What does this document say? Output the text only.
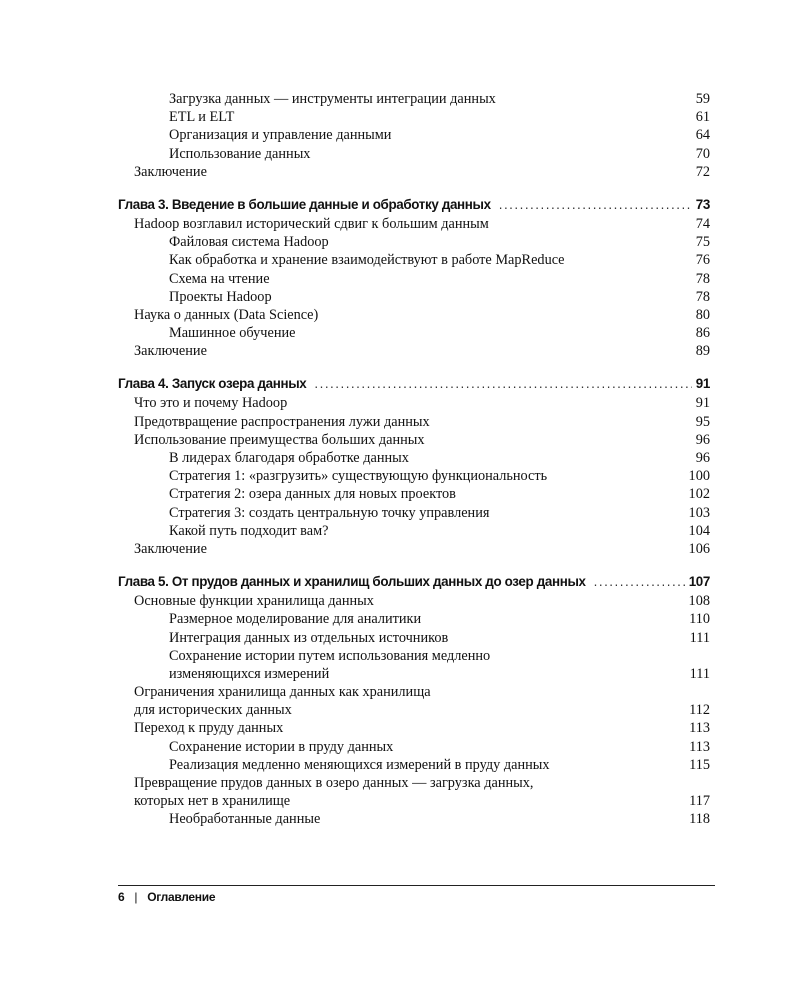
Загрузка данных — инструменты интеграции данных	59
ETL и ELT	61
Организация и управление данными	64
Использование данных	70
Заключение	72
Глава 3. Введение в большие данные и обработку данных .....	73
Hadoop возглавил исторический сдвиг к большим данным	74
Файловая система Hadoop	75
Как обработка и хранение взаимодействуют в работе MapReduce	76
Схема на чтение	78
Проекты Hadoop	78
Наука о данных (Data Science)	80
Машинное обучение	86
Заключение	89
Глава 4. Запуск озера данных .....	91
Что это и почему Hadoop	91
Предотвращение распространения лужи данных	95
Использование преимущества больших данных	96
В лидерах благодаря обработке данных	96
Стратегия 1: «разгрузить» существующую функциональность	100
Стратегия 2: озера данных для новых проектов	102
Стратегия 3: создать центральную точку управления	103
Какой путь подходит вам?	104
Заключение	106
Глава 5. От прудов данных и хранилищ больших данных до озер данных .....	107
Основные функции хранилища данных	108
Размерное моделирование для аналитики	110
Интеграция данных из отдельных источников	111
Сохранение истории путем использования медленно
изменяющихся измерений	111
Ограничения хранилища данных как хранилища
для исторических данных	112
Переход к пруду данных	113
Сохранение истории в пруду данных	113
Реализация медленно меняющихся измерений в пруду данных	115
Превращение прудов данных в озеро данных — загрузка данных,
которых нет в хранилище	117
Необработанные данные	118
6 | Оглавление
